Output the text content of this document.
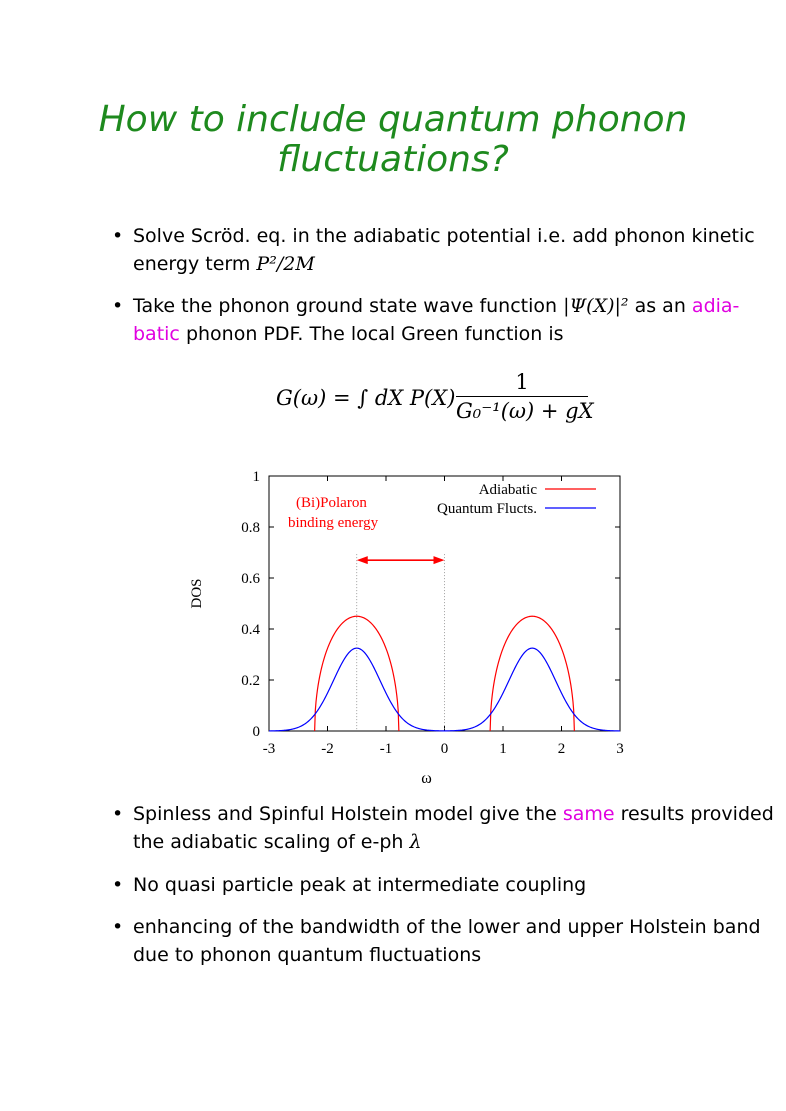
How to include quantum phonon
fluctuations?
• Solve Scröd. eq. in the adiabatic potential i.e. add phonon kinetic
energy term P²/2M
• Take the phonon ground state wave function |Ψ(X)|² as an adia-
batic phonon PDF. The local Green function is
G(ω) = ∫ dX P(X)
1
G₀⁻¹(ω) + gX
-3	-2	-1	0	1	2	3
0
0.2
0.4
0.6
0.8
1
ω
DOS
Adiabatic
Quantum Flucts.
(Bi)Polaron
binding energy
• Spinless and Spinful Holstein model give the same results provided
the adiabatic scaling of e-ph λ
• No quasi particle peak at intermediate coupling
• enhancing of the bandwidth of the lower and upper Holstein band
due to phonon quantum fluctuations
